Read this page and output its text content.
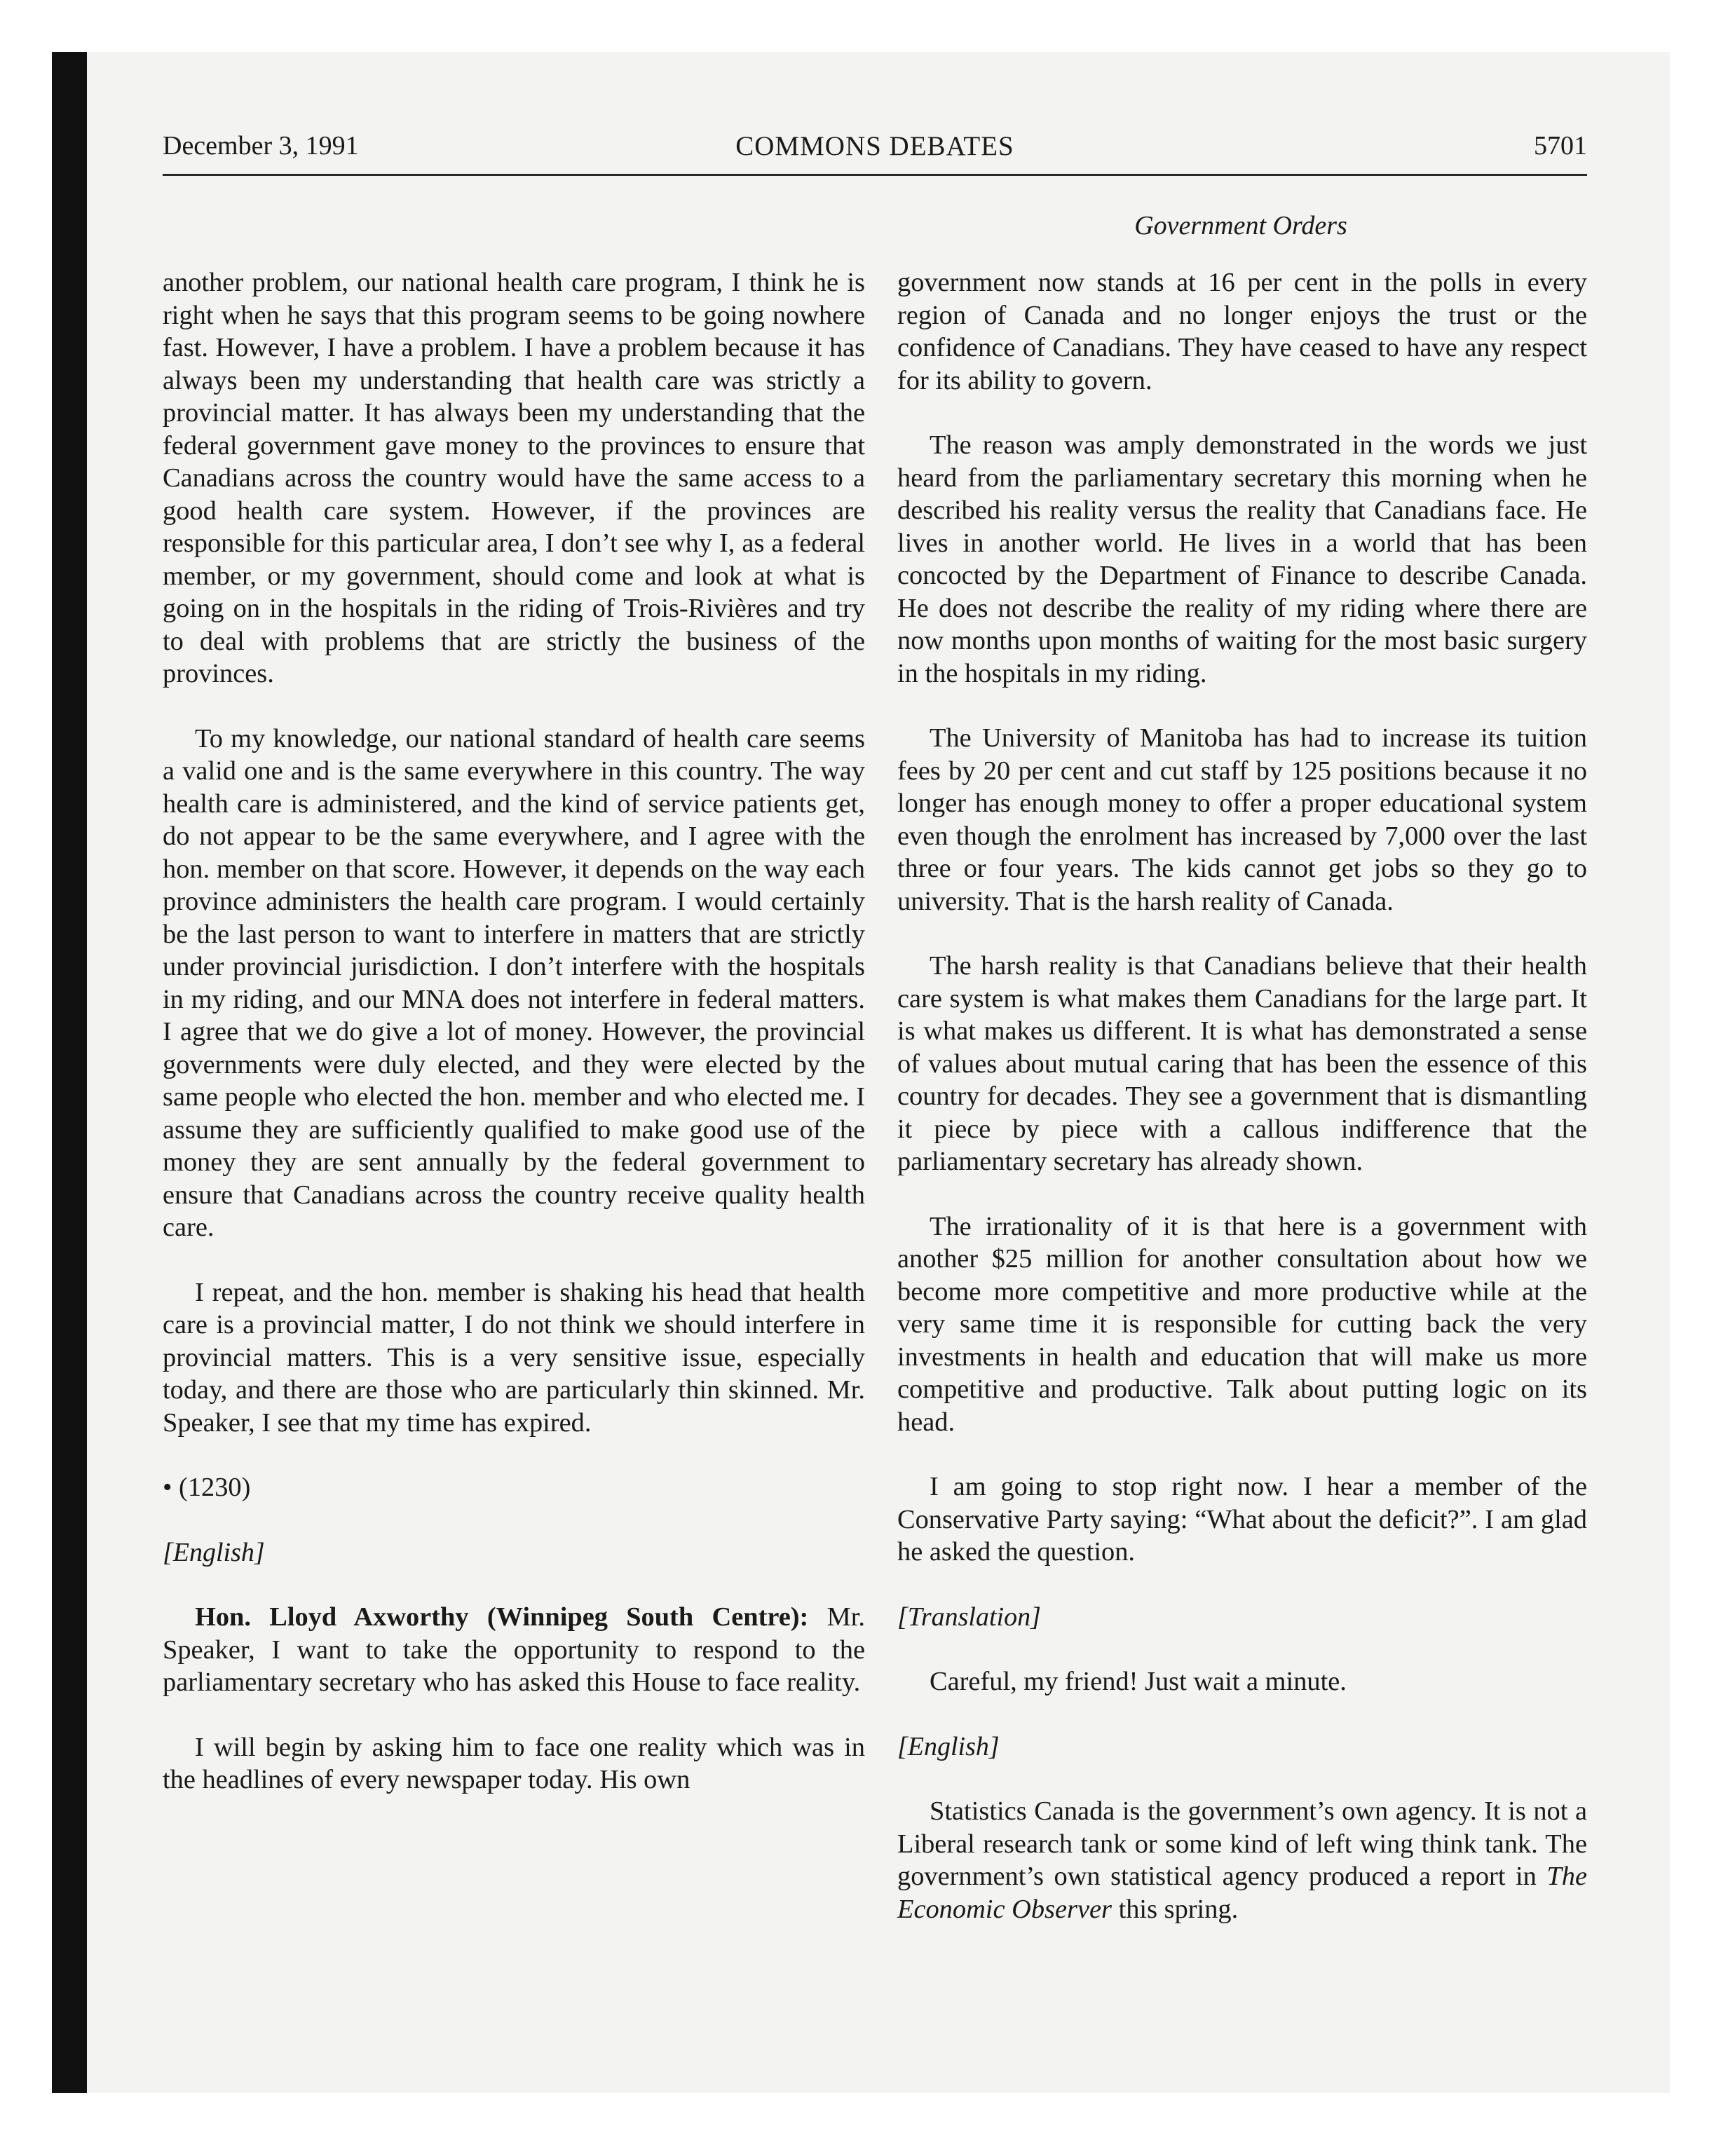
December 3, 1991	COMMONS DEBATES	5701
Government Orders

another problem, our national health care program, I think he is right when he says that this program seems to be going nowhere fast. However, I have a problem. I have a problem because it has always been my understanding that health care was strictly a provincial matter. It has always been my understanding that the federal government gave money to the provinces to ensure that Canadians across the country would have the same access to a good health care system. However, if the provinces are responsible for this particular area, I don’t see why I, as a federal member, or my government, should come and look at what is going on in the hospitals in the riding of Trois-Rivières and try to deal with problems that are strictly the business of the provinces.

To my knowledge, our national standard of health care seems a valid one and is the same everywhere in this country. The way health care is administered, and the kind of service patients get, do not appear to be the same everywhere, and I agree with the hon. member on that score. However, it depends on the way each province administers the health care program. I would certainly be the last person to want to interfere in matters that are strictly under provincial jurisdiction. I don’t interfere with the hospitals in my riding, and our MNA does not interfere in federal matters. I agree that we do give a lot of money. However, the provincial governments were duly elected, and they were elected by the same people who elected the hon. member and who elected me. I assume they are sufficiently qualified to make good use of the money they are sent annually by the federal government to ensure that Canadians across the country receive quality health care.

I repeat, and the hon. member is shaking his head that health care is a provincial matter, I do not think we should interfere in provincial matters. This is a very sensitive issue, especially today, and there are those who are particularly thin skinned. Mr. Speaker, I see that my time has expired.

• (1230)

[English]

Hon. Lloyd Axworthy (Winnipeg South Centre): Mr. Speaker, I want to take the opportunity to respond to the parliamentary secretary who has asked this House to face reality.

I will begin by asking him to face one reality which was in the headlines of every newspaper today. His own

government now stands at 16 per cent in the polls in every region of Canada and no longer enjoys the trust or the confidence of Canadians. They have ceased to have any respect for its ability to govern.

The reason was amply demonstrated in the words we just heard from the parliamentary secretary this morning when he described his reality versus the reality that Canadians face. He lives in another world. He lives in a world that has been concocted by the Department of Finance to describe Canada. He does not describe the reality of my riding where there are now months upon months of waiting for the most basic surgery in the hospitals in my riding.

The University of Manitoba has had to increase its tuition fees by 20 per cent and cut staff by 125 positions because it no longer has enough money to offer a proper educational system even though the enrolment has increased by 7,000 over the last three or four years. The kids cannot get jobs so they go to university. That is the harsh reality of Canada.

The harsh reality is that Canadians believe that their health care system is what makes them Canadians for the large part. It is what makes us different. It is what has demonstrated a sense of values about mutual caring that has been the essence of this country for decades. They see a government that is dismantling it piece by piece with a callous indifference that the parliamentary secretary has already shown.

The irrationality of it is that here is a government with another $25 million for another consultation about how we become more competitive and more productive while at the very same time it is responsible for cutting back the very investments in health and education that will make us more competitive and productive. Talk about putting logic on its head.

I am going to stop right now. I hear a member of the Conservative Party saying: “What about the deficit?”. I am glad he asked the question.

[Translation]

Careful, my friend! Just wait a minute.

[English]

Statistics Canada is the government’s own agency. It is not a Liberal research tank or some kind of left wing think tank. The government’s own statistical agency produced a report in The Economic Observer this spring.
